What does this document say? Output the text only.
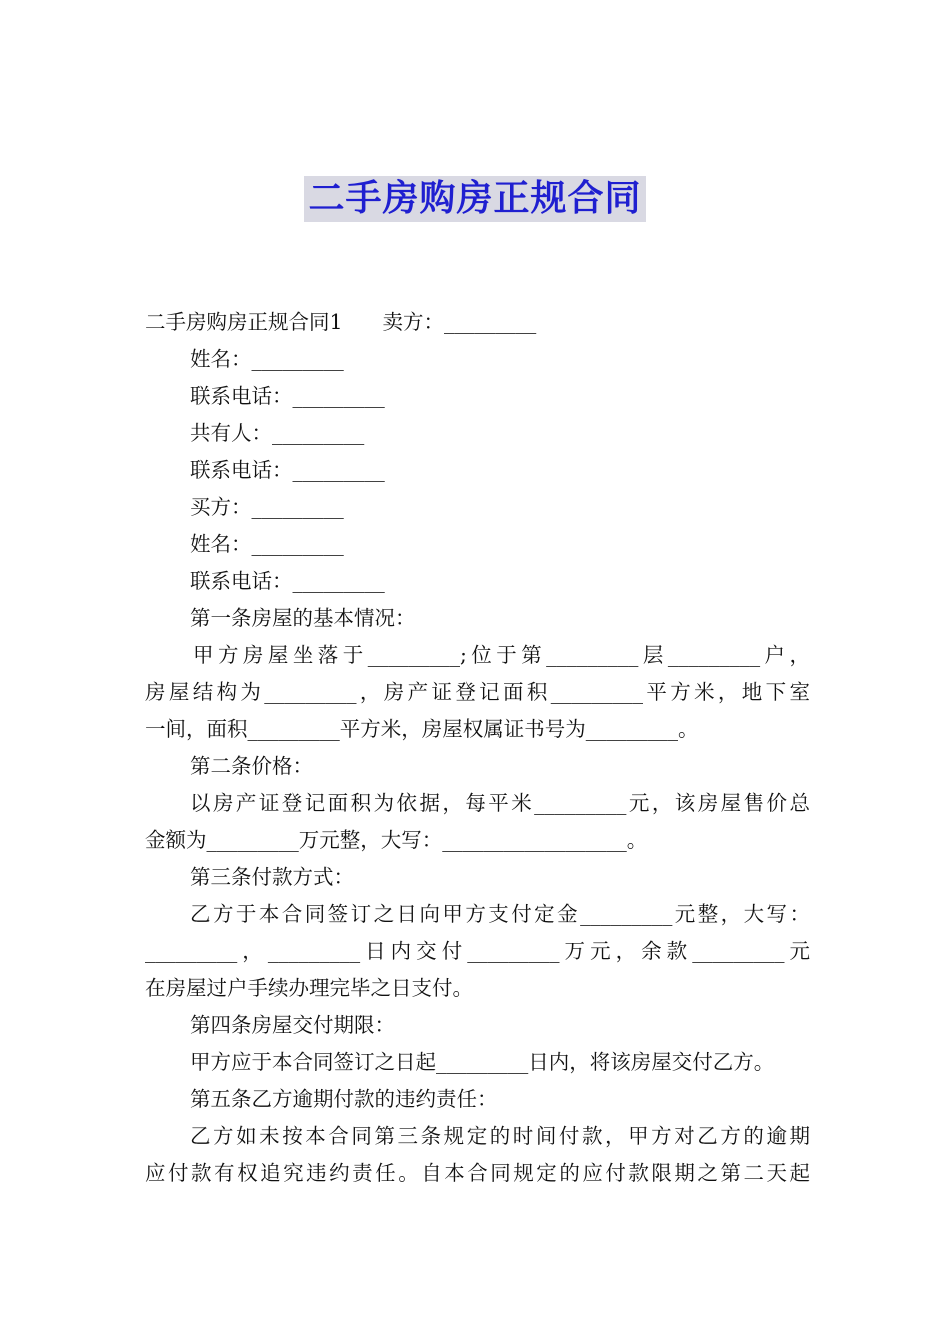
二手房购房正规合同
二手房购房正规合同1 卖方：_________
姓名：_________
联系电话：_________
共有人：_________
联系电话：_________
买方：_________
姓名：_________
联系电话：_________
第一条房屋的基本情况：
甲方房屋坐落于_________;位于第_________层_________户，
房屋结构为_________，房产证登记面积_________平方米，地下室
一间，面积_________平方米，房屋权属证书号为_________。
第二条价格：
以房产证登记面积为依据，每平米_________元，该房屋售价总
金额为_________万元整，大写：__________________。
第三条付款方式：
乙方于本合同签订之日向甲方支付定金_________元整，大写：
_________，_________日内交付_________万元，余款_________元
在房屋过户手续办理完毕之日支付。
第四条房屋交付期限：
甲方应于本合同签订之日起_________日内，将该房屋交付乙方。
第五条乙方逾期付款的违约责任：
乙方如未按本合同第三条规定的时间付款，甲方对乙方的逾期
应付款有权追究违约责任。自本合同规定的应付款限期之第二天起
